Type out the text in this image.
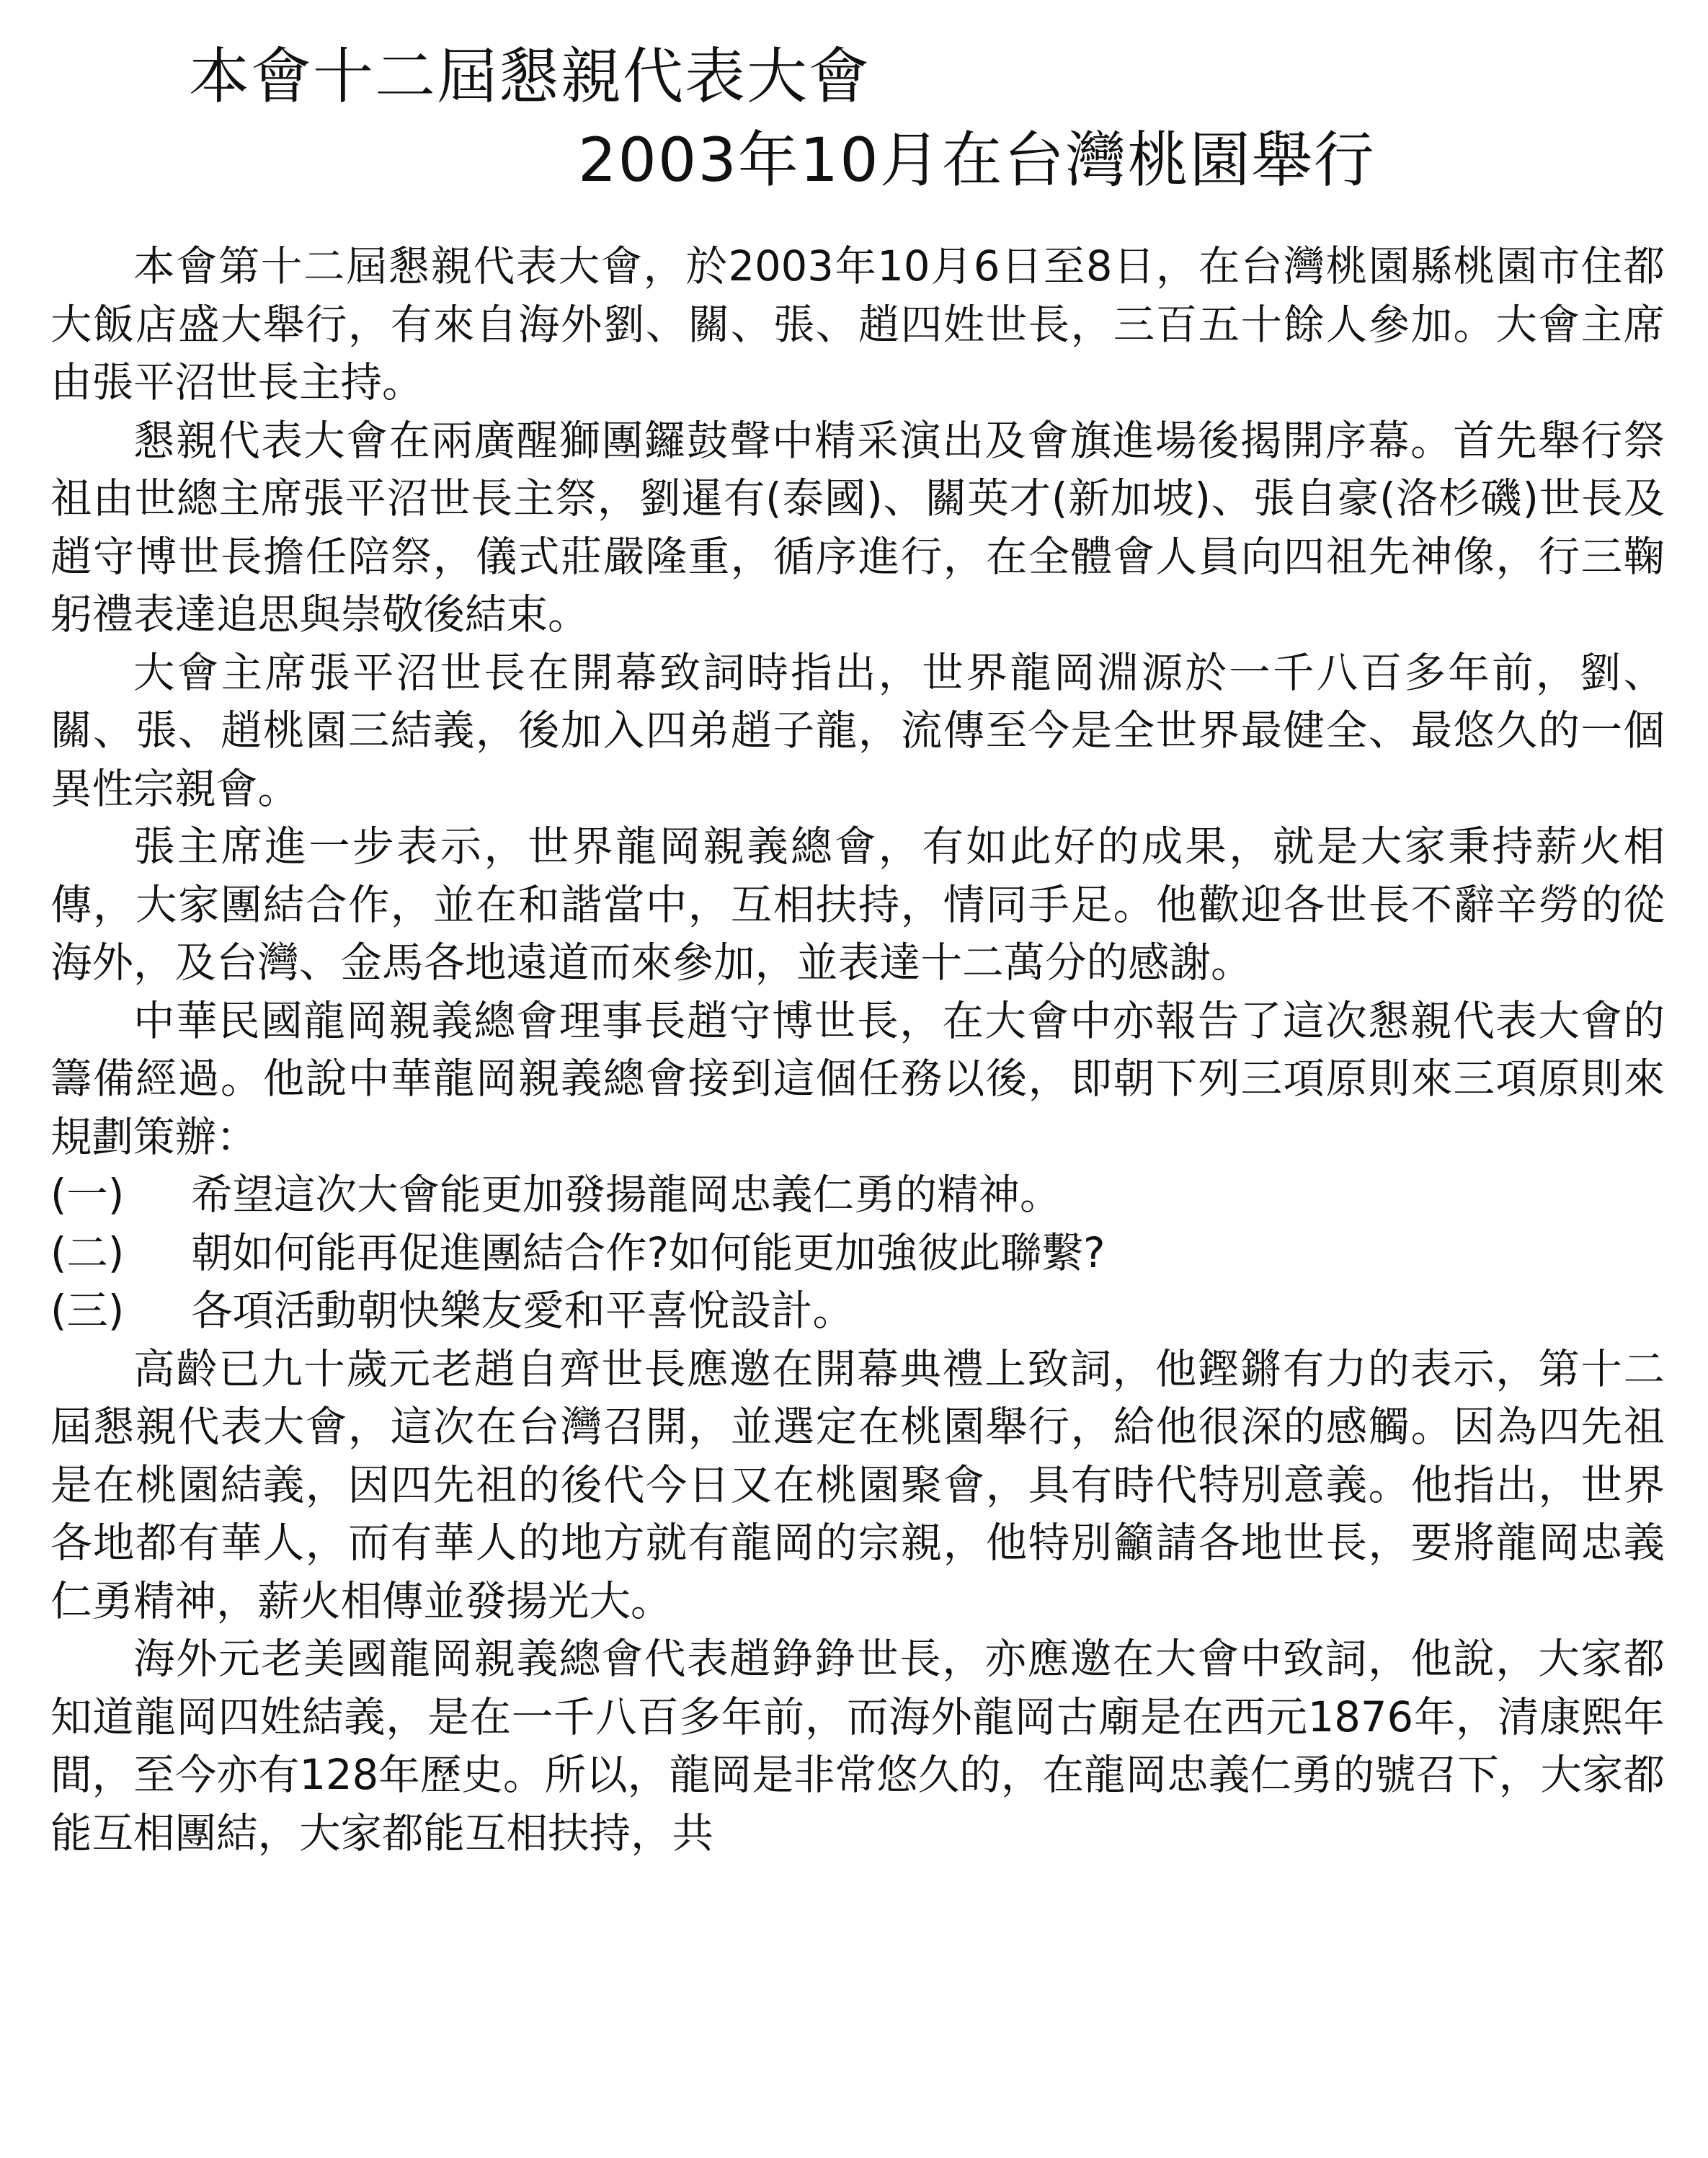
本會十二屆懇親代表大會
2003年10月在台灣桃園舉行

本會第十二屆懇親代表大會，於2003年10月6日至8日，在台灣桃園縣桃園市住都大飯店盛大舉行，有來自海外劉、關、張、趙四姓世長，三百五十餘人參加。大會主席由張平沼世長主持。

懇親代表大會在兩廣醒獅團鑼鼓聲中精采演出及會旗進場後揭開序幕。首先舉行祭祖由世總主席張平沼世長主祭，劉暹有(泰國)、關英才(新加坡)、張自豪(洛杉磯)世長及趙守博世長擔任陪祭，儀式莊嚴隆重，循序進行，在全體會人員向四祖先神像，行三鞠躬禮表達追思與崇敬後結束。

大會主席張平沼世長在開幕致詞時指出，世界龍岡淵源於一千八百多年前，劉、關、張、趙桃園三結義，後加入四弟趙子龍，流傳至今是全世界最健全、最悠久的一個異性宗親會。

張主席進一步表示，世界龍岡親義總會，有如此好的成果，就是大家秉持薪火相傳，大家團結合作，並在和諧當中，互相扶持，情同手足。他歡迎各世長不辭辛勞的從海外，及台灣、金馬各地遠道而來參加，並表達十二萬分的感謝。

中華民國龍岡親義總會理事長趙守博世長，在大會中亦報告了這次懇親代表大會的籌備經過。他說中華龍岡親義總會接到這個任務以後，即朝下列三項原則來三項原則來規劃策辦：

(一)	希望這次大會能更加發揚龍岡忠義仁勇的精神。
(二)	朝如何能再促進團結合作?如何能更加強彼此聯繫?
(三)	各項活動朝快樂友愛和平喜悅設計。

高齡已九十歲元老趙自齊世長應邀在開幕典禮上致詞，他鏗鏘有力的表示，第十二屆懇親代表大會，這次在台灣召開，並選定在桃園舉行，給他很深的感觸。因為四先祖是在桃園結義，因四先祖的後代今日又在桃園聚會，具有時代特別意義。他指出，世界各地都有華人，而有華人的地方就有龍岡的宗親，他特別籲請各地世長，要將龍岡忠義仁勇精神，薪火相傳並發揚光大。

海外元老美國龍岡親義總會代表趙錚錚世長，亦應邀在大會中致詞，他說，大家都知道龍岡四姓結義，是在一千八百多年前，而海外龍岡古廟是在西元1876年，清康熙年間，至今亦有128年歷史。所以，龍岡是非常悠久的，在龍岡忠義仁勇的號召下，大家都能互相團結，大家都能互相扶持，共
